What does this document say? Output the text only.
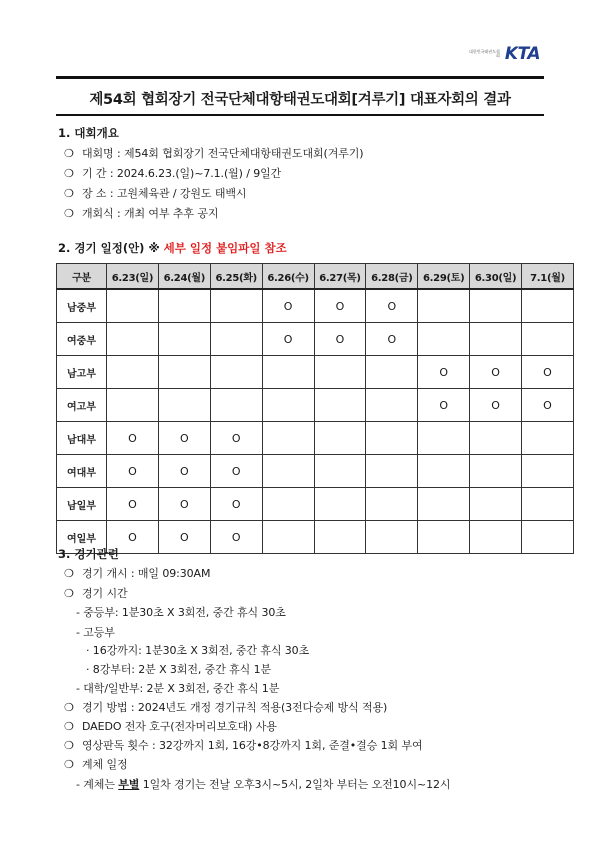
대한민국태권도협회 KTA
제54회 협회장기 전국단체대항태권도대회[겨루기] 대표자회의 결과
1. 대회개요
❍ 대회명 : 제54회 협회장기 전국단체대항태권도대회(겨루기)
❍ 기 간 : 2024.6.23.(일)~7.1.(월) / 9일간
❍ 장 소 : 고원체육관 / 강원도 태백시
❍ 개회식 : 개최 여부 추후 공지
2. 경기 일정(안) ※ 세부 일정 붙임파일 참조
구분	6.23(일)	6.24(월)	6.25(화)	6.26(수)	6.27(목)	6.28(금)	6.29(토)	6.30(일)	7.1(월)
남중부				O	O	O			
여중부				O	O	O			
남고부							O	O	O
여고부							O	O	O
남대부	O	O	O						
여대부	O	O	O						
남일부	O	O	O						
여일부	O	O	O						
3. 경기관련
❍ 경기 개시 : 매일 09:30AM
❍ 경기 시간
- 중등부: 1분30초 X 3회전, 중간 휴식 30초
- 고등부
· 16강까지: 1분30초 X 3회전, 중간 휴식 30초
· 8강부터: 2분 X 3회전, 중간 휴식 1분
- 대학/일반부: 2분 X 3회전, 중간 휴식 1분
❍ 경기 방법 : 2024년도 개정 경기규칙 적용(3전다승제 방식 적용)
❍ DAEDO 전자 호구(전자머리보호대) 사용
❍ 영상판독 횟수 : 32강까지 1회, 16강•8강까지 1회, 준결•결승 1회 부여
❍ 계체 일정
- 계체는 부별 1일차 경기는 전날 오후3시~5시, 2일차 부터는 오전10시~12시
